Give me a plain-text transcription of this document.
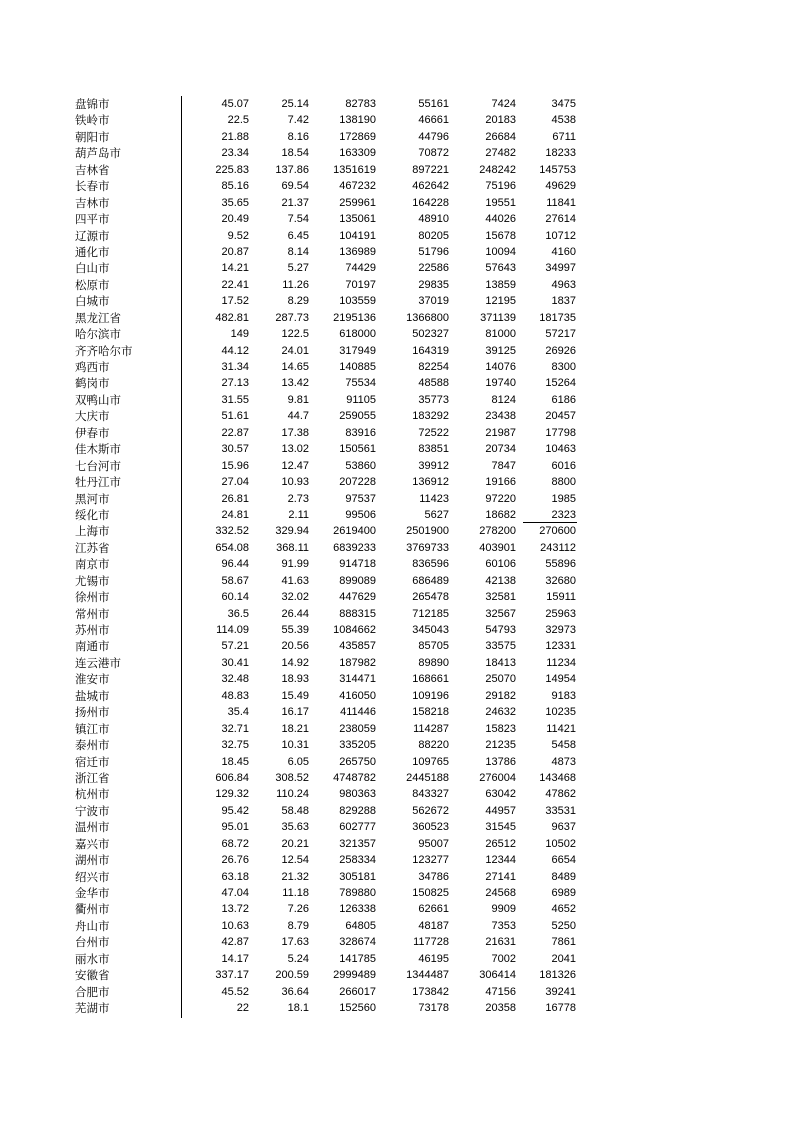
盘锦市	45.07	25.14	82783	55161	7424	3475
铁岭市	22.5	7.42	138190	46661	20183	4538
朝阳市	21.88	8.16	172869	44796	26684	6711
葫芦岛市	23.34	18.54	163309	70872	27482	18233
吉林省	225.83	137.86	1351619	897221	248242	145753
长春市	85.16	69.54	467232	462642	75196	49629
吉林市	35.65	21.37	259961	164228	19551	11841
四平市	20.49	7.54	135061	48910	44026	27614
辽源市	9.52	6.45	104191	80205	15678	10712
通化市	20.87	8.14	136989	51796	10094	4160
白山市	14.21	5.27	74429	22586	57643	34997
松原市	22.41	11.26	70197	29835	13859	4963
白城市	17.52	8.29	103559	37019	12195	1837
黑龙江省	482.81	287.73	2195136	1366800	371139	181735
哈尔滨市	149	122.5	618000	502327	81000	57217
齐齐哈尔市	44.12	24.01	317949	164319	39125	26926
鸡西市	31.34	14.65	140885	82254	14076	8300
鹤岗市	27.13	13.42	75534	48588	19740	15264
双鸭山市	31.55	9.81	91105	35773	8124	6186
大庆市	51.61	44.7	259055	183292	23438	20457
伊春市	22.87	17.38	83916	72522	21987	17798
佳木斯市	30.57	13.02	150561	83851	20734	10463
七台河市	15.96	12.47	53860	39912	7847	6016
牡丹江市	27.04	10.93	207228	136912	19166	8800
黑河市	26.81	2.73	97537	11423	97220	1985
绥化市	24.81	2.11	99506	5627	18682	2323
上海市	332.52	329.94	2619400	2501900	278200	270600
江苏省	654.08	368.11	6839233	3769733	403901	243112
南京市	96.44	91.99	914718	836596	60106	55896
尤锡市	58.67	41.63	899089	686489	42138	32680
徐州市	60.14	32.02	447629	265478	32581	15911
常州市	36.5	26.44	888315	712185	32567	25963
苏州市	114.09	55.39	1084662	345043	54793	32973
南通市	57.21	20.56	435857	85705	33575	12331
连云港市	30.41	14.92	187982	89890	18413	11234
淮安市	32.48	18.93	314471	168661	25070	14954
盐城市	48.83	15.49	416050	109196	29182	9183
扬州市	35.4	16.17	411446	158218	24632	10235
镇江市	32.71	18.21	238059	114287	15823	11421
泰州市	32.75	10.31	335205	88220	21235	5458
宿迁市	18.45	6.05	265750	109765	13786	4873
浙江省	606.84	308.52	4748782	2445188	276004	143468
杭州市	129.32	110.24	980363	843327	63042	47862
宁波市	95.42	58.48	829288	562672	44957	33531
温州市	95.01	35.63	602777	360523	31545	9637
嘉兴市	68.72	20.21	321357	95007	26512	10502
湖州市	26.76	12.54	258334	123277	12344	6654
绍兴市	63.18	21.32	305181	34786	27141	8489
金华市	47.04	11.18	789880	150825	24568	6989
衢州市	13.72	7.26	126338	62661	9909	4652
舟山市	10.63	8.79	64805	48187	7353	5250
台州市	42.87	17.63	328674	117728	21631	7861
丽水市	14.17	5.24	141785	46195	7002	2041
安徽省	337.17	200.59	2999489	1344487	306414	181326
合肥市	45.52	36.64	266017	173842	47156	39241
芜湖市	22	18.1	152560	73178	20358	16778
